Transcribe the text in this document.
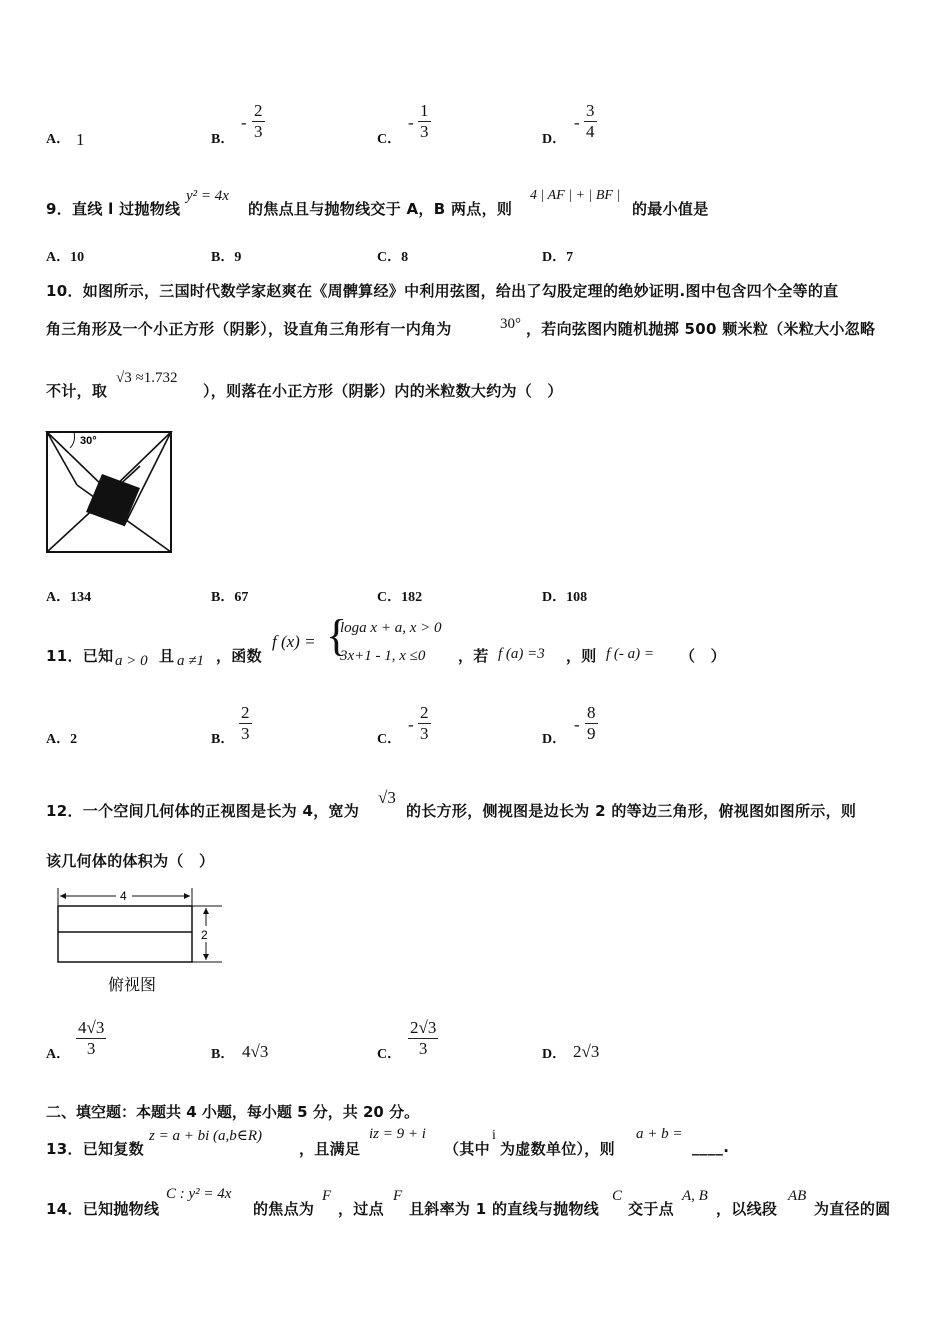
A． 1	B．
- $\frac{2}{3}$	C．
- $\frac{1}{3}$	D．
- $\frac{3}{4}$
9．直线 l 过抛物线
y² = 4x
的焦点且与抛物线交于 A，B 两点，则
4 | AF | + | BF |
的最小值是
A．10	B．9	C．8	D．7
10．如图所示，三国时代数学家赵爽在《周髀算经》中利用弦图，给出了勾股定理的绝妙证明.图中包含四个全等的直
角三角形及一个小正方形（阴影），设直角三角形有一内角为	30° ，若向弦图内随机抛掷 500 颗米粒（米粒大小忽略
不计，取
√3 ≈1.732
），则落在小正方形（阴影）内的米粒数大约为（　）
30°
A．134	B．67	C．182	D．108
11．已知 a > 0 且 a ≠1 ，函数
f (x) = {
loga x + a, x > 0
3x+1 - 1, x ≤0 ，若 f (a) =3 ，则 f (- a) = （　）
A．2	B． $\frac{2}{3}$	C．
- $\frac{2}{3}$	D．
- $\frac{8}{9}$
12．一个空间几何体的正视图是长为 4，宽为
√3
的长方形，侧视图是边长为 2 的等边三角形，俯视图如图所示，则
该几何体的体积为（　）
4
2
俯视图
A． $\frac{4√3}{3}$	B． 4√3	C． $\frac{2√3}{3}$	D． 2√3
二、填空题：本题共 4 小题，每小题 5 分，共 20 分。
13．已知复数
z = a + bi (a,b∈R)
，且满足
iz = 9 + i
（其中
i
为虚数单位），则
a + b =
____.
14．已知抛物线
C : y² = 4x
的焦点为
F
，过点
F
且斜率为 1 的直线与抛物线
C
交于点
A, B
，以线段
AB
为直径的圆
